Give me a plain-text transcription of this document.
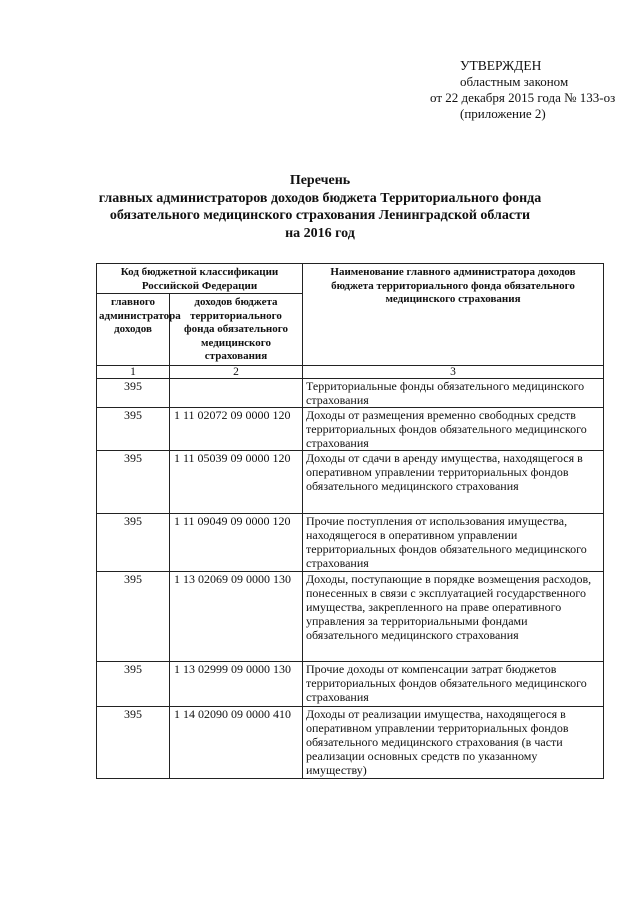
УТВЕРЖДЕН
областным законом
от 22 декабря 2015 года № 133-оз
(приложение 2)
Перечень
главных администраторов доходов бюджета Территориального фонда
обязательного медицинского страхования Ленинградской области
на 2016 год
Код бюджетной классификации Российской Федерации		Наименование главного администратора доходов бюджета территориального фонда обязательного медицинского страхования
главного администратора доходов	доходов бюджета территориального фонда обязательного медицинского страхования	
1	2	3
395		Территориальные фонды обязательного медицинского страхования
395	1 11 02072 09 0000 120	Доходы от размещения временно свободных средств территориальных фондов обязательного медицинского страхования
395	1 11 05039 09 0000 120	Доходы от сдачи в аренду имущества, находящегося в оперативном управлении территориальных фондов обязательного медицинского страхования
395	1 11 09049 09 0000 120	Прочие поступления от использования имущества, находящегося в оперативном управлении территориальных фондов обязательного медицинского страхования
395	1 13 02069 09 0000 130	Доходы, поступающие в порядке возмещения расходов, понесенных в связи с эксплуатацией государственного имущества, закрепленного на праве оперативного управления за территориальными фондами обязательного медицинского страхования
395	1 13 02999 09 0000 130	Прочие доходы от компенсации затрат бюджетов территориальных фондов обязательного медицинского страхования
395	1 14 02090 09 0000 410	Доходы от реализации имущества, находящегося в оперативном управлении территориальных фондов обязательного медицинского страхования (в части реализации основных средств по указанному имуществу)
